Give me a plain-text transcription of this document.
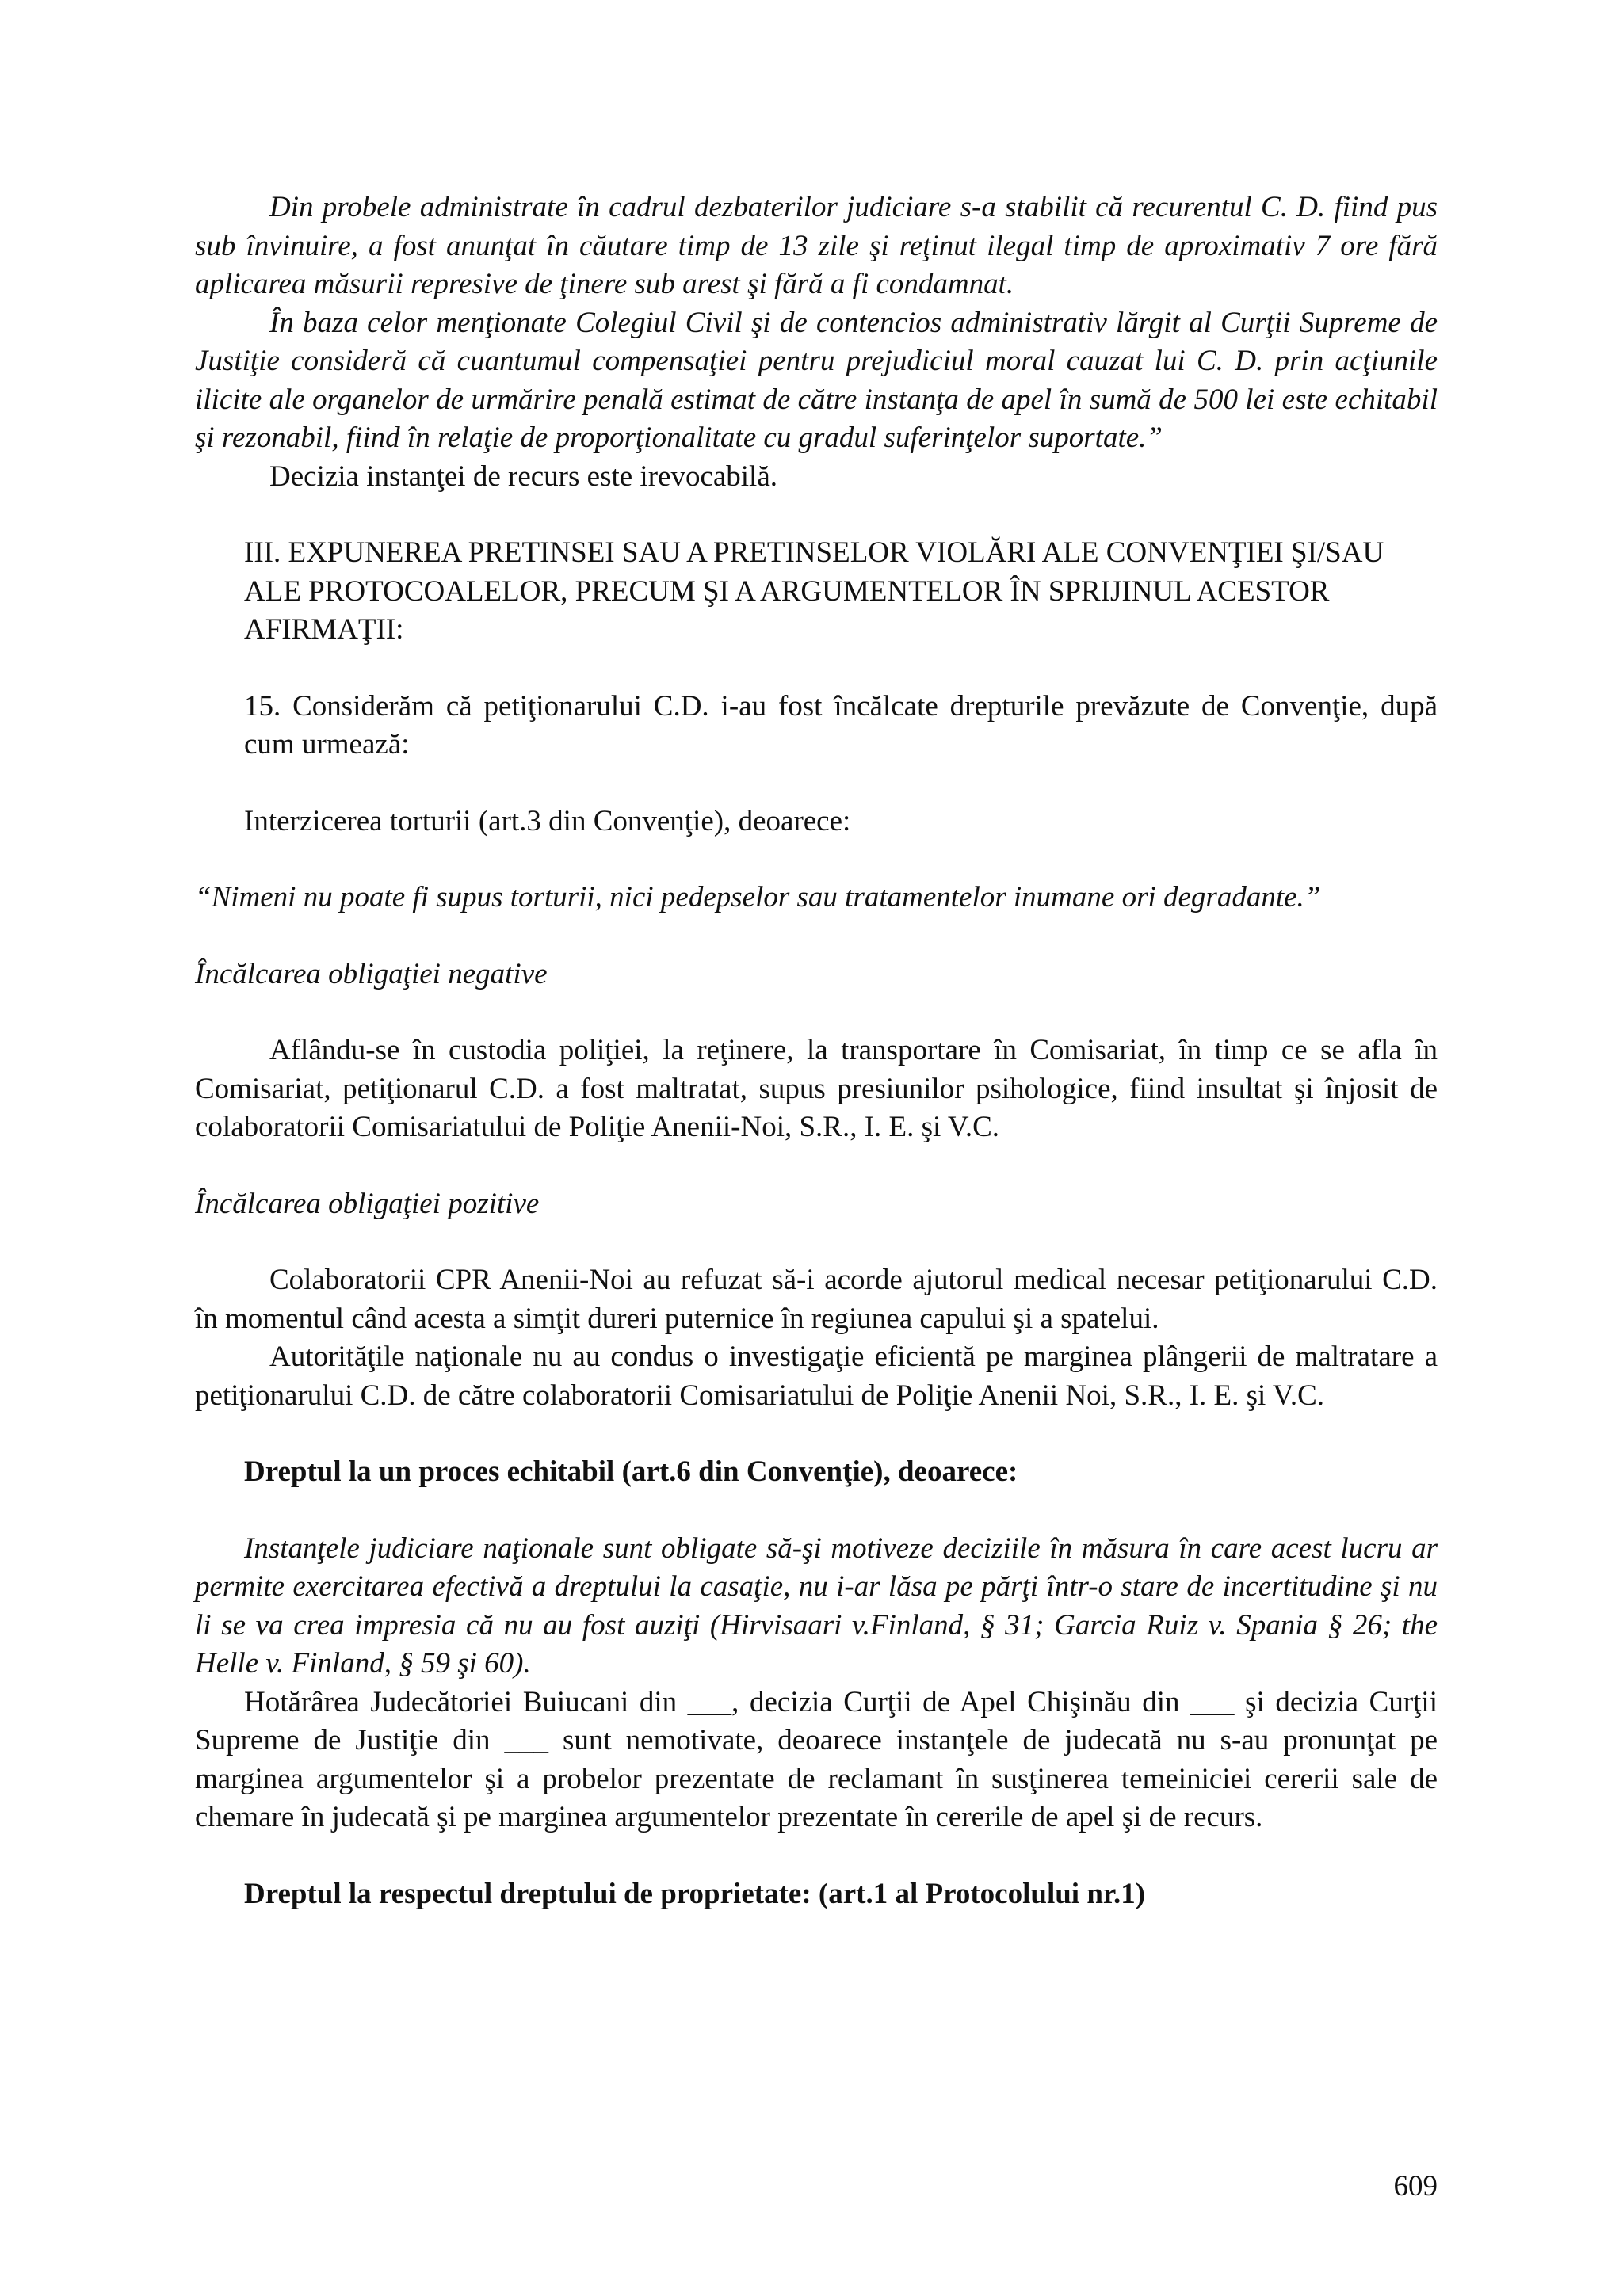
Din probele administrate în cadrul dezbaterilor judiciare s-a stabilit că recurentul C. D. fiind pus sub învinuire, a fost anunţat în căutare timp de 13 zile şi reţinut ilegal timp de aproximativ 7 ore fără aplicarea măsurii represive de ţinere sub arest şi fără a fi condamnat.

În baza celor menţionate Colegiul Civil şi de contencios administrativ lărgit al Curţii Supreme de Justiţie consideră că cuantumul compensaţiei pentru prejudiciul moral cauzat lui C. D. prin acţiunile ilicite ale organelor de urmărire penală estimat de către instanţa de apel în sumă de 500 lei este echitabil şi rezonabil, fiind în relaţie de proporţionalitate cu gradul suferinţelor suportate.”

Decizia instanţei de recurs este irevocabilă.

III. EXPUNEREA PRETINSEI SAU A PRETINSELOR VIOLĂRI ALE CONVENŢIEI ŞI/SAU ALE PROTOCOALELOR, PRECUM ŞI A ARGUMENTELOR ÎN SPRIJINUL ACESTOR AFIRMAŢII:

15. Considerăm că petiţionarului C.D. i-au fost încălcate drepturile prevăzute de Convenţie, după cum urmează:

Interzicerea torturii (art.3 din Convenţie), deoarece:

“Nimeni nu poate fi supus torturii, nici pedepselor sau tratamentelor inumane ori degradante.”

Încălcarea obligaţiei negative

Aflându-se în custodia poliţiei, la reţinere, la transportare în Comisariat, în timp ce se afla în Comisariat, petiţionarul C.D. a fost maltratat, supus presiunilor psihologice, fiind insultat şi înjosit de colaboratorii Comisariatului de Poliţie Anenii-Noi, S.R., I. E. şi V.C.

Încălcarea obligaţiei pozitive

Colaboratorii CPR Anenii-Noi au refuzat să-i acorde ajutorul medical necesar petiţionarului C.D. în momentul când acesta a simţit dureri puternice în regiunea capului şi a spatelui.

Autorităţile naţionale nu au condus o investigaţie eficientă pe marginea plângerii de maltratare a petiţionarului C.D. de către colaboratorii Comisariatului de Poliţie Anenii Noi, S.R., I. E. şi V.C.

Dreptul la un proces echitabil (art.6 din Convenţie), deoarece:

Instanţele judiciare naţionale sunt obligate să-şi motiveze deciziile în măsura în care acest lucru ar permite exercitarea efectivă a dreptului la casaţie, nu i-ar lăsa pe părţi într-o stare de incertitudine şi nu li se va crea impresia că nu au fost auziţi (Hirvisaari v.Finland, § 31; Garcia Ruiz v. Spania § 26; the Helle v. Finland, § 59 şi 60).

Hotărârea Judecătoriei Buiucani din ___, decizia Curţii de Apel Chişinău din ___ şi decizia Curţii Supreme de Justiţie din ___ sunt nemotivate, deoarece instanţele de judecată nu s-au pronunţat pe marginea argumentelor şi a probelor prezentate de reclamant în susţinerea temeiniciei cererii sale de chemare în judecată şi pe marginea argumentelor prezentate în cererile de apel şi de recurs.

Dreptul la respectul dreptului de proprietate: (art.1 al Protocolului nr.1)

609
